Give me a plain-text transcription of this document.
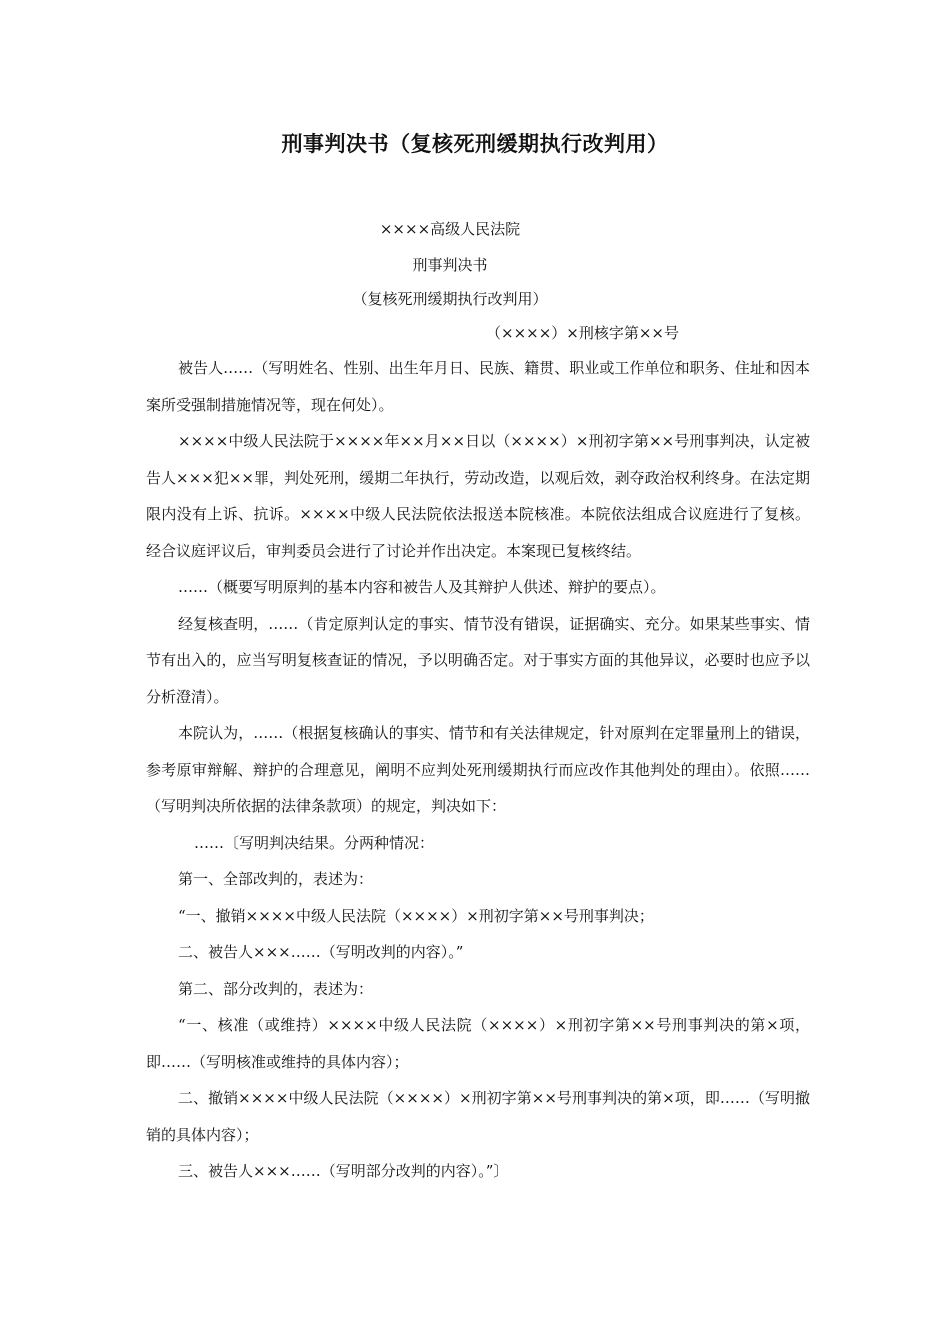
刑事判决书（复核死刑缓期执行改判用）
××××高级人民法院
刑事判决书
（复核死刑缓期执行改判用）
（××××）×刑核字第××号

被告人……（写明姓名、性别、出生年月日、民族、籍贯、职业或工作单位和职务、住址和因本案所受强制措施情况等，现在何处）。

××××中级人民法院于××××年××月××日以（××××）×刑初字第××号刑事判决，认定被告人×××犯××罪，判处死刑，缓期二年执行，劳动改造，以观后效，剥夺政治权利终身。在法定期限内没有上诉、抗诉。××××中级人民法院依法报送本院核准。本院依法组成合议庭进行了复核。经合议庭评议后，审判委员会进行了讨论并作出决定。本案现已复核终结。

……（概要写明原判的基本内容和被告人及其辩护人供述、辩护的要点）。

经复核查明，……（肯定原判认定的事实、情节没有错误，证据确实、充分。如果某些事实、情节有出入的，应当写明复核查证的情况，予以明确否定。对于事实方面的其他异议，必要时也应予以分析澄清）。

本院认为，……（根据复核确认的事实、情节和有关法律规定，针对原判在定罪量刑上的错误，参考原审辩解、辩护的合理意见，阐明不应判处死刑缓期执行而应改作其他判处的理由）。依照……（写明判决所依据的法律条款项）的规定，判决如下：

……〔写明判决结果。分两种情况：

第一、全部改判的，表述为：

“一、撤销××××中级人民法院（××××）×刑初字第××号刑事判决；

二、被告人×××……（写明改判的内容）。”

第二、部分改判的，表述为：

“一、核准（或维持）××××中级人民法院（××××）×刑初字第××号刑事判决的第×项，即……（写明核准或维持的具体内容）；

二、撤销××××中级人民法院（××××）×刑初字第××号刑事判决的第×项，即……（写明撤销的具体内容）；

三、被告人×××……（写明部分改判的内容）。”〕
